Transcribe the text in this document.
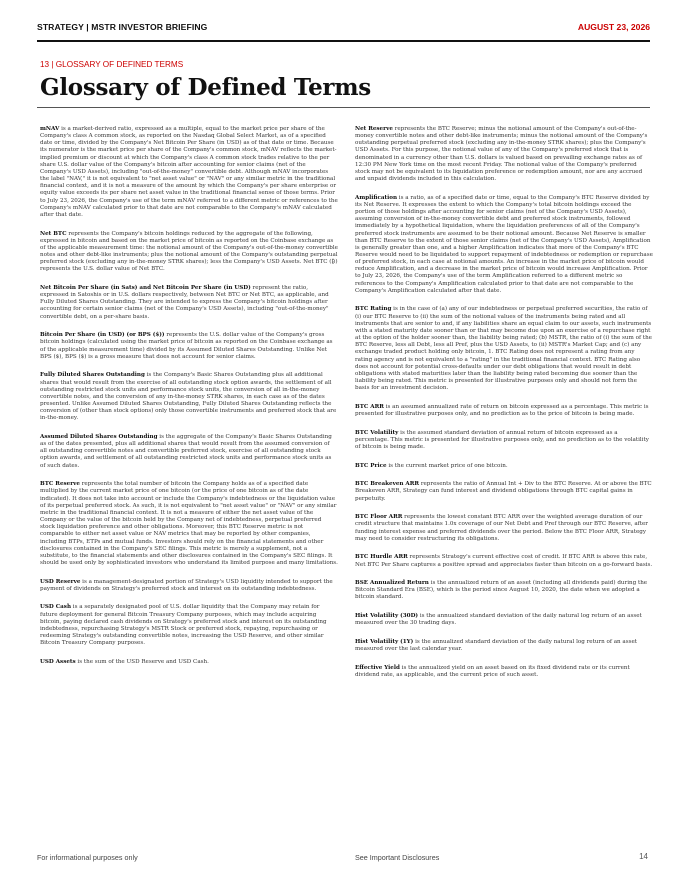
STRATEGY | MSTR INVESTOR BRIEFING	AUGUST 23, 2026
13 | GLOSSARY OF DEFINED TERMS
Glossary of Defined Terms

mNAV is a market-derived ratio, expressed as a multiple, equal to the market price per share of the Company's class A common stock, as reported on the Nasdaq Global Select Market, as of a specified date or time, divided by the Company's Net Bitcoin Per Share (in USD) as of that date or time. Because its numerator is the market price per share of the Company's common stock, mNAV reflects the market-implied premium or discount at which the Company's class A common stock trades relative to the per share U.S. dollar value of the Company's bitcoin after accounting for senior claims (net of the Company's USD Assets), including "out-of-the-money" convertible debt. Although mNAV incorporates the label "NAV," it is not equivalent to "net asset value" or "NAV" or any similar metric in the traditional financial context, and it is not a measure of the amount by which the Company's per share enterprise or equity value exceeds its per share net asset value in the traditional financial sense of those terms. Prior to July 23, 2026, the Company's use of the term mNAV referred to a different metric or references to the Company's mNAV calculated prior to that date are not comparable to the Company's mNAV calculated after that date.

Net BTC represents the Company's bitcoin holdings reduced by the aggregate of the following, expressed in bitcoin and based on the market price of bitcoin as reported on the Coinbase exchange as of the applicable measurement time: the notional amount of the Company's out-of-the-money convertible notes and other debt-like instruments; plus the notional amount of the Company's outstanding perpetual preferred stock (excluding any in-the-money STRK shares); less the Company's USD Assets. Net BTC (₿) represents the U.S. dollar value of Net BTC.

Net Bitcoin Per Share (in Sats) and Net Bitcoin Per Share (in USD) represent the ratio, expressed in Satoshis or in U.S. dollars respectively, between Net BTC or Net BTC, as applicable, and Fully Diluted Shares Outstanding. They are intended to express the Company's bitcoin holdings after accounting for certain senior claims (net of the Company's USD Assets), including "out-of-the-money" convertible debt, on a per-share basis.

Bitcoin Per Share (in USD) (or BPS ($)) represents the U.S. dollar value of the Company's gross bitcoin holdings (calculated using the market price of bitcoin as reported on the Coinbase exchange as of the applicable measurement time) divided by its Assumed Diluted Shares Outstanding. Unlike Net BPS ($), BPS ($) is a gross measure that does not account for senior claims.

Fully Diluted Shares Outstanding is the Company's Basic Shares Outstanding plus all additional shares that would result from the exercise of all outstanding stock option awards, the settlement of all outstanding restricted stock units and performance stock units, the conversion of all in-the-money convertible notes, and the conversion of any in-the-money STRK shares, in each case as of the dates presented. Unlike Assumed Diluted Shares Outstanding, Fully Diluted Shares Outstanding reflects the conversion of (other than stock options) only those convertible instruments and preferred stock that are in-the-money.

Assumed Diluted Shares Outstanding is the aggregate of the Company's Basic Shares Outstanding as of the dates presented, plus all additional shares that would result from the assumed conversion of all outstanding convertible notes and convertible preferred stock, exercise of all outstanding stock option awards, and settlement of all outstanding restricted stock units and performance stock units as of such dates.

BTC Reserve represents the total number of bitcoin the Company holds as of a specified date multiplied by the current market price of one bitcoin (or the price of one bitcoin as of the date indicated). It does not take into account or include the Company's indebtedness or the liquidation value of its perpetual preferred stock. As such, it is not equivalent to "net asset value" or "NAV" or any similar metric in the traditional financial context. It is not a measure of either the net asset value of the Company or the value of the bitcoin held by the Company net of indebtedness, perpetual preferred stock liquidation preference and other obligations. Moreover, this BTC Reserve metric is not comparable to either net asset value or NAV metrics that may be reported by other companies, including BTPs, ETPs and mutual funds. Investors should rely on the financial statements and other disclosures contained in the Company's SEC filings. This metric is merely a supplement, not a substitute, to the financial statements and other disclosures contained in the Company's SEC filings. It should be used only by sophisticated investors who understand its limited purpose and many limitations.

USD Reserve is a management-designated portion of Strategy's USD liquidity intended to support the payment of dividends on Strategy's preferred stock and interest on its outstanding indebtedness.

USD Cash is a separately designated pool of U.S. dollar liquidity that the Company may retain for future deployment for general Bitcoin Treasury Company purposes, which may include acquiring bitcoin, paying declared cash dividends on Strategy's preferred stock and interest on its outstanding indebtedness, repurchasing Strategy's MSTR Stock or preferred stock, repaying, repurchasing or redeeming Strategy's outstanding convertible notes, increasing the USD Reserve, and other similar Bitcoin Treasury Company purposes.

USD Assets is the sum of the USD Reserve and USD Cash.

Net Reserve represents the BTC Reserve; minus the notional amount of the Company's out-of-the-money convertible notes and other debt-like instruments; minus the notional amount of the Company's outstanding perpetual preferred stock (excluding any in-the-money STRK shares); plus the Company's USD Assets. For this purpose, the notional value of any of the Company's preferred stock that is denominated in a currency other than U.S. dollars is valued based on prevailing exchange rates as of 12:30 PM New York time on the most recent Friday. The notional value of the Company's preferred stock may not be equivalent to its liquidation preference or redemption amount, nor are any accrued and unpaid dividends included in this calculation.

Amplification is a ratio, as of a specified date or time, equal to the Company's BTC Reserve divided by its Net Reserve. It expresses the extent to which the Company's total bitcoin holdings exceed the portion of those holdings after accounting for senior claims (net of the Company's USD Assets), assuming conversion of in-the-money convertible debt and preferred stock instruments, followed immediately by a hypothetical liquidation, where the liquidation preferences of all of the Company's preferred stock instruments are assumed to be their notional amount. Because Net Reserve is smaller than BTC Reserve to the extent of those senior claims (net of the Company's USD Assets), Amplification is generally greater than one, and a higher Amplification indicates that more of the Company's BTC Reserve would need to be liquidated to support repayment of indebtedness or redemption or repurchase of preferred stock, in each case at notional amounts. An increase in the market price of bitcoin would reduce Amplification, and a decrease in the market price of bitcoin would increase Amplification. Prior to July 23, 2026, the Company's use of the term Amplification referred to a different metric so references to the Company's Amplification calculated prior to that date are not comparable to the Company's Amplification calculated after that date.

BTC Rating is in the case of (a) any of our indebtedness or perpetual preferred securities, the ratio of (i) our BTC Reserve to (ii) the sum of the notional values of the instruments being rated and all instruments that are senior to and, if any liabilities share an equal claim to our assets, such instruments with a stated maturity date sooner than or that may become due upon an exercise of a repurchase right at the option of the holder sooner than, the liability being rated; (b) MSTR, the ratio of (i) the sum of the BTC Reserve, less all Debt, less all Pref, plus the USD Assets, to (ii) MSTR's Market Cap; and (c) any exchange traded product holding only bitcoin, 1. BTC Rating does not represent a rating from any rating agency and is not equivalent to a "rating" in the traditional financial context. BTC Rating also does not account for potential cross-defaults under our debt obligations that would result in debt obligations with stated maturities later than the liability being rated becoming due sooner than the liability being rated. This metric is presented for illustrative purposes only and should not form the basis for an investment decision.

BTC ARR is an assumed annualized rate of return on bitcoin expressed as a percentage. This metric is presented for illustrative purposes only, and no prediction as to the price of bitcoin is being made.

BTC Volatility is the assumed standard deviation of annual return of bitcoin expressed as a percentage. This metric is presented for illustrative purposes only, and no prediction as to the volatility of bitcoin is being made.

BTC Price is the current market price of one bitcoin.

BTC Breakeven ARR represents the ratio of Annual Int + Div to the BTC Reserve. At or above the BTC Breakeven ARR, Strategy can fund interest and dividend obligations through BTC capital gains in perpetuity.

BTC Floor ARR represents the lowest constant BTC ARR over the weighted average duration of our credit structure that maintains 1.0x coverage of our Net Debt and Pref through our BTC Reserve, after funding interest expense and preferred dividends over the period. Below the BTC Floor ARR, Strategy may need to consider restructuring its obligations.

BTC Hurdle ARR represents Strategy's current effective cost of credit. If BTC ARR is above this rate, Net BTC Per Share captures a positive spread and appreciates faster than bitcoin on a go-forward basis.

BSE Annualized Return is the annualized return of an asset (including all dividends paid) during the Bitcoin Standard Era (BSE), which is the period since August 10, 2020, the date when we adopted a bitcoin standard.

Hist Volatility (30D) is the annualized standard deviation of the daily natural log return of an asset measured over the 30 trading days.

Hist Volatility (1Y) is the annualized standard deviation of the daily natural log return of an asset measured over the last calendar year.

Effective Yield is the annualized yield on an asset based on its fixed dividend rate or its current dividend rate, as applicable, and the current price of such asset.

For informational purposes only	See Important Disclosures	14
